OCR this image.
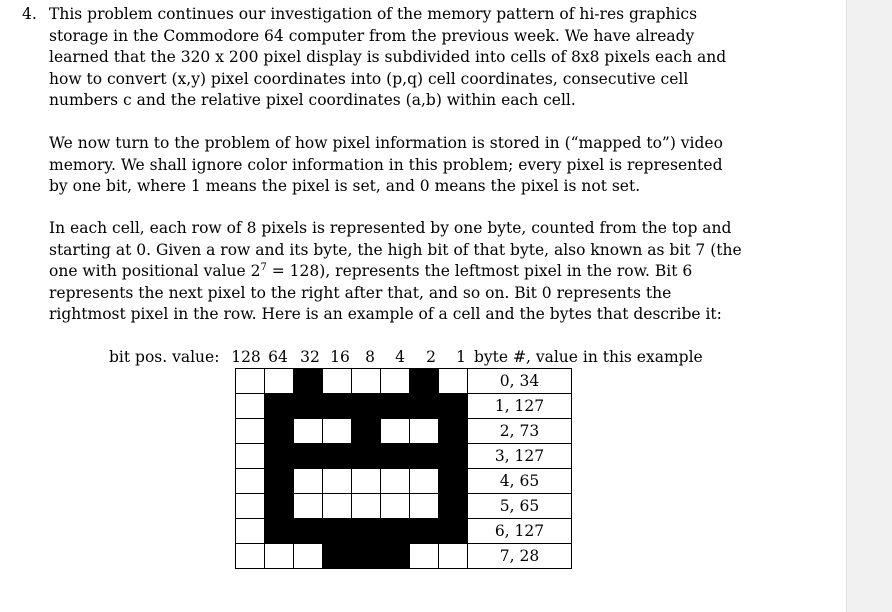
4. This problem continues our investigation of the memory pattern of hi-res graphics
storage in the Commodore 64 computer from the previous week. We have already
learned that the 320 x 200 pixel display is subdivided into cells of 8x8 pixels each and
how to convert (x,y) pixel coordinates into (p,q) cell coordinates, consecutive cell
numbers c and the relative pixel coordinates (a,b) within each cell.

We now turn to the problem of how pixel information is stored in (“mapped to”) video
memory. We shall ignore color information in this problem; every pixel is represented
by one bit, where 1 means the pixel is set, and 0 means the pixel is not set.

In each cell, each row of 8 pixels is represented by one byte, counted from the top and
starting at 0. Given a row and its byte, the high bit of that byte, also known as bit 7 (the
one with positional value $2^7 = 128$), represents the leftmost pixel in the row. Bit 6
represents the next pixel to the right after that, and so on. Bit 0 represents the
rightmost pixel in the row. Here is an example of a cell and the bytes that describe it:

bit pos. value: 128 64 32 16 8	4	2	1 byte #, value in this example
								0, 34
								1, 127
								2, 73
								3, 127
								4, 65
								5, 65
								6, 127
								7, 28
